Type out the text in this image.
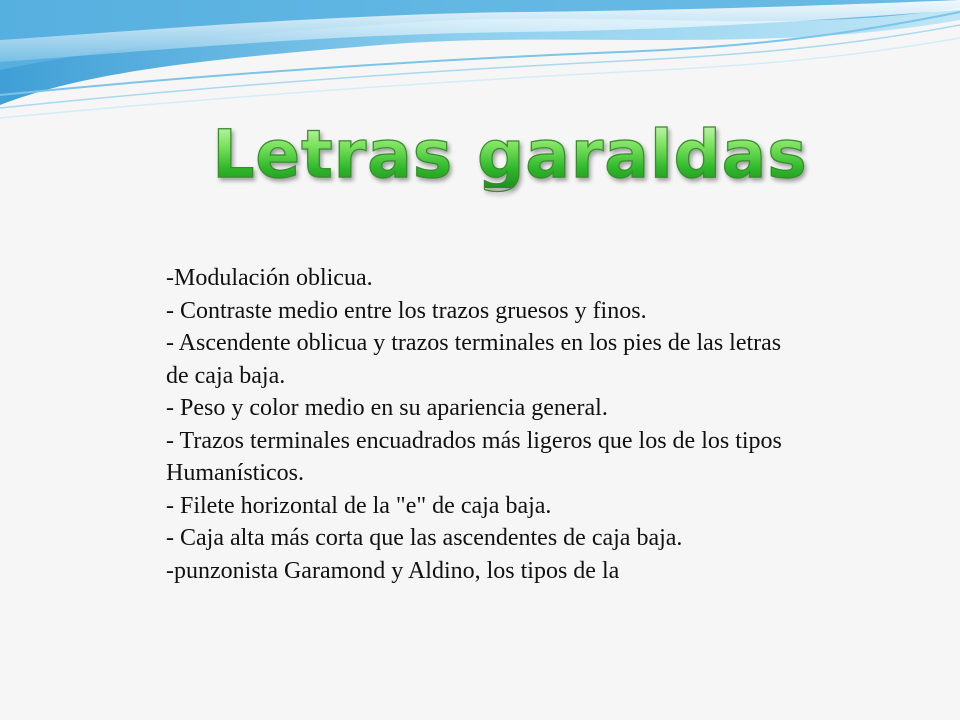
Letras garaldas
-Modulación oblicua.
- Contraste medio entre los trazos gruesos y finos.
- Ascendente oblicua y trazos terminales en los pies de las letras de caja baja.
- Peso y color medio en su apariencia general.
- Trazos terminales encuadrados más ligeros que los de los tipos Humanísticos.
- Filete horizontal de la "e" de caja baja.
- Caja alta más corta que las ascendentes de caja baja.
-punzonista Garamond y Aldino, los tipos de la
